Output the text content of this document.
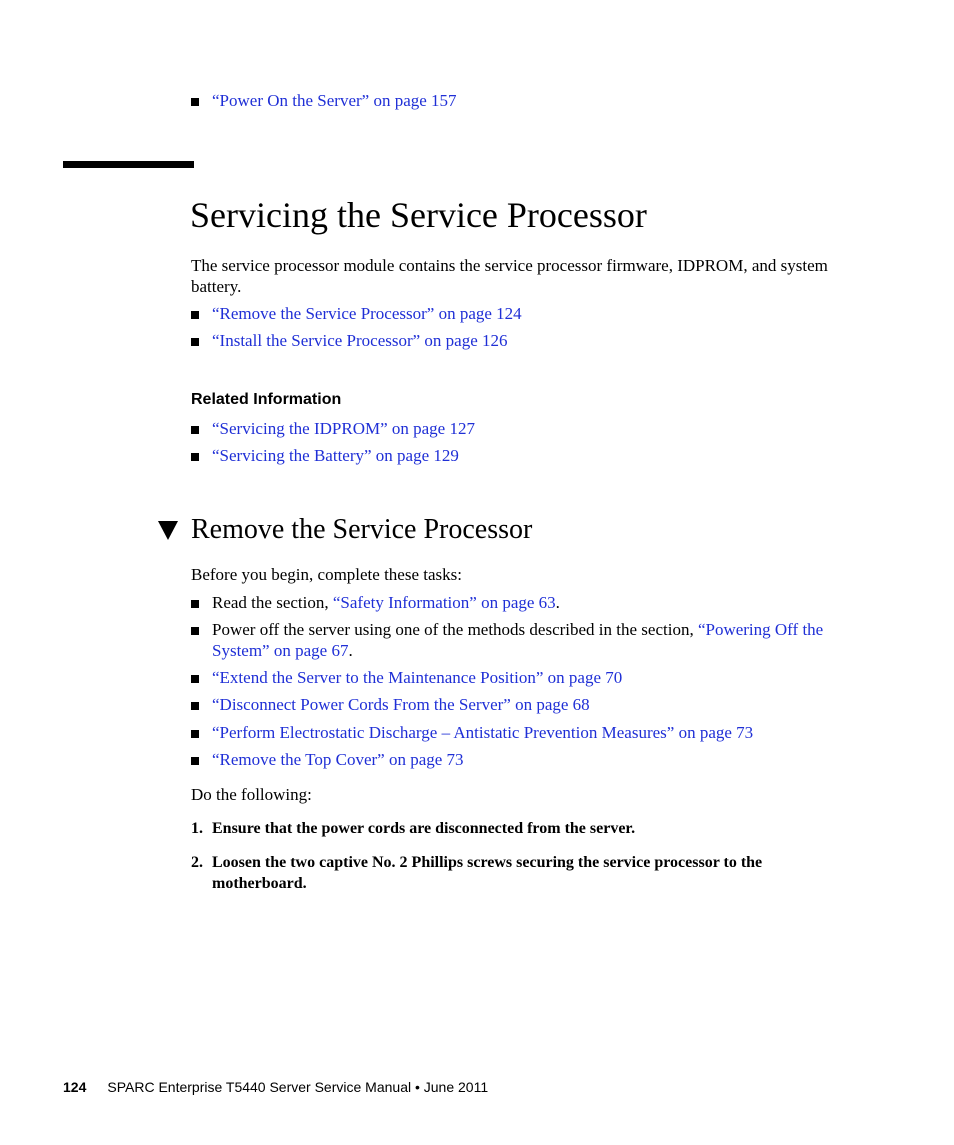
“Power On the Server” on page 157
Servicing the Service Processor
The service processor module contains the service processor firmware, IDPROM, and system battery.
“Remove the Service Processor” on page 124
“Install the Service Processor” on page 126
Related Information
“Servicing the IDPROM” on page 127
“Servicing the Battery” on page 129
Remove the Service Processor
Before you begin, complete these tasks:
Read the section, “Safety Information” on page 63.
Power off the server using one of the methods described in the section, “Powering Off the System” on page 67.
“Extend the Server to the Maintenance Position” on page 70
“Disconnect Power Cords From the Server” on page 68
“Perform Electrostatic Discharge – Antistatic Prevention Measures” on page 73
“Remove the Top Cover” on page 73
Do the following:
1. Ensure that the power cords are disconnected from the server.
2. Loosen the two captive No. 2 Phillips screws securing the service processor to the motherboard.
124 SPARC Enterprise T5440 Server Service Manual • June 2011
